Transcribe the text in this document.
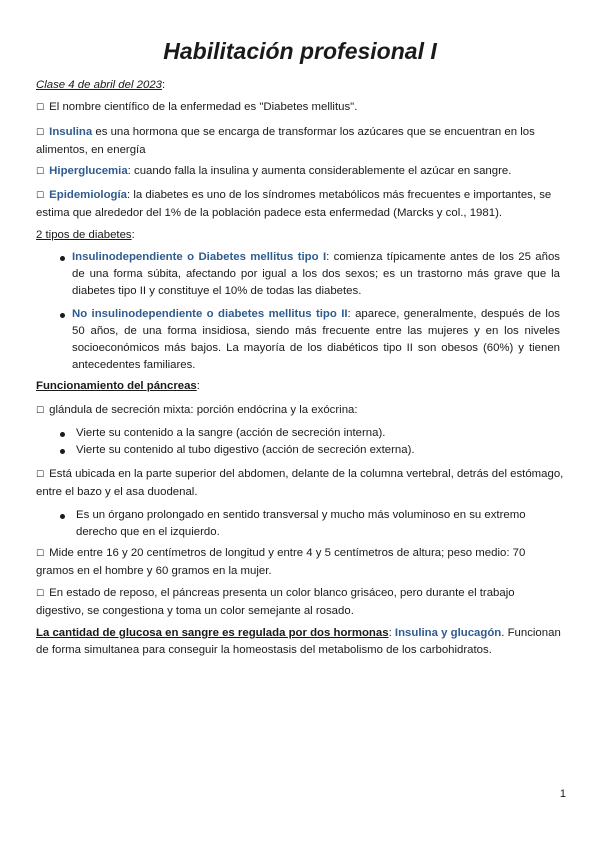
Habilitación profesional I

Clase 4 de abril del 2023:

☐ El nombre científico de la enfermedad es "Diabetes mellitus".

☐ Insulina es una hormona que se encarga de transformar los azúcares que se encuentran en los alimentos, en energía

☐ Hiperglucemia: cuando falla la insulina y aumenta considerablemente el azúcar en sangre.

☐ Epidemiología: la diabetes es uno de los síndromes metabólicos más frecuentes e importantes, se estima que alrededor del 1% de la población padece esta enfermedad (Marcks y col., 1981).

2 tipos de diabetes:

Insulinodependiente o Diabetes mellitus tipo I: comienza típicamente antes de los 25 años de una forma súbita, afectando por igual a los dos sexos; es un trastorno más grave que la diabetes tipo II y constituye el 10% de todas las diabetes.

No insulinodependiente o diabetes mellitus tipo II: aparece, generalmente, después de los 50 años, de una forma insidiosa, siendo más frecuente entre las mujeres y en los niveles socioeconómicos más bajos. La mayoría de los diabéticos tipo II son obesos (60%) y tienen antecedentes familiares.

Funcionamiento del páncreas:

☐ glándula de secreción mixta: porción endócrina y la exócrina:

Vierte su contenido a la sangre (acción de secreción interna).

Vierte su contenido al tubo digestivo (acción de secreción externa).

☐ Está ubicada en la parte superior del abdomen, delante de la columna vertebral, detrás del estómago, entre el bazo y el asa duodenal.

Es un órgano prolongado en sentido transversal y mucho más voluminoso en su extremo derecho que en el izquierdo.

☐ Mide entre 16 y 20 centímetros de longitud y entre 4 y 5 centímetros de altura; peso medio: 70 gramos en el hombre y 60 gramos en la mujer.

☐ En estado de reposo, el páncreas presenta un color blanco grisáceo, pero durante el trabajo digestivo, se congestiona y toma un color semejante al rosado.

La cantidad de glucosa en sangre es regulada por dos hormonas: Insulina y glucagón. Funcionan de forma simultanea para conseguir la homeostasis del metabolismo de los carbohidratos.

1
